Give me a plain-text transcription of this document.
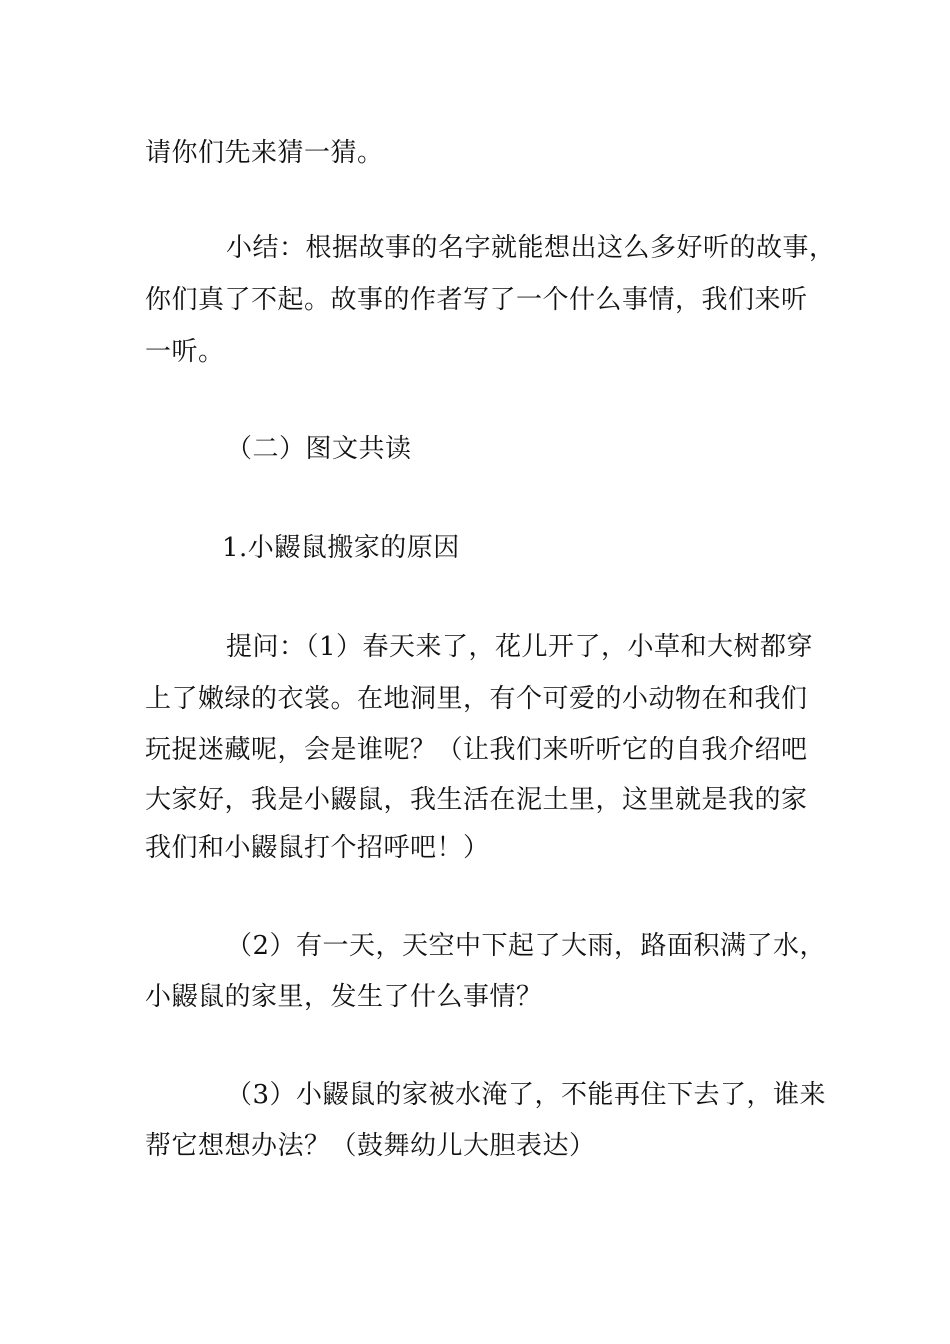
请你们先来猜一猜。
小结：根据故事的名字就能想出这么多好听的故事，
你们真了不起。故事的作者写了一个什么事情，我们来听
一听。
（二）图文共读
1.小鼹鼠搬家的原因
提问：（1）春天来了，花儿开了，小草和大树都穿
上了嫩绿的衣裳。在地洞里，有个可爱的小动物在和我们
玩捉迷藏呢，会是谁呢？（让我们来听听它的自我介绍吧
大家好，我是小鼹鼠，我生活在泥土里，这里就是我的家
我们和小鼹鼠打个招呼吧！）
（2）有一天，天空中下起了大雨，路面积满了水，
小鼹鼠的家里，发生了什么事情？
（3）小鼹鼠的家被水淹了，不能再住下去了，谁来
帮它想想办法？（鼓舞幼儿大胆表达）
